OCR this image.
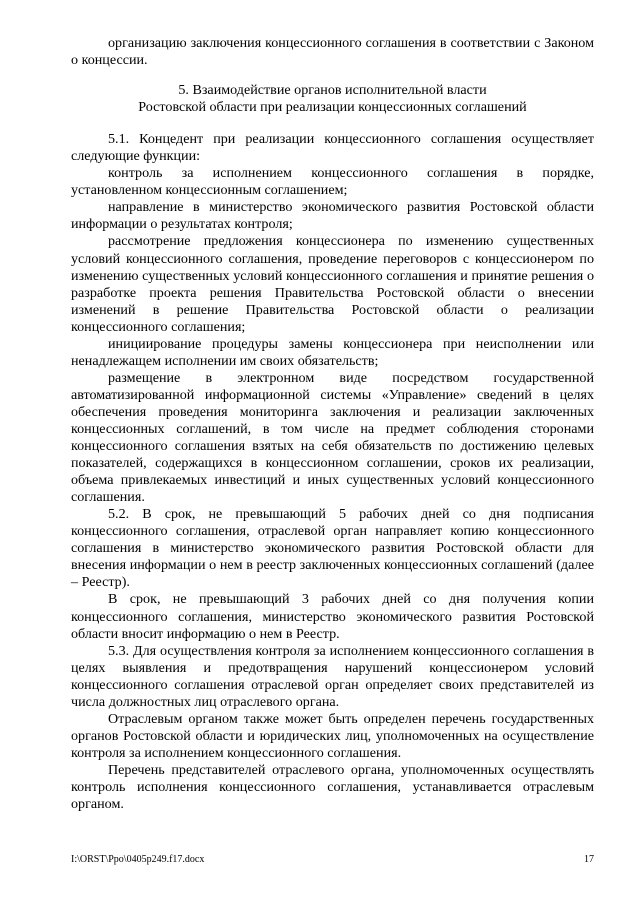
организацию заключения концессионного соглашения в соответствии с Законом о концессии.

5. Взаимодействие органов исполнительной власти

Ростовской области при реализации концессионных соглашений

5.1. Концедент при реализации концессионного соглашения осуществляет следующие функции:

контроль за исполнением концессионного соглашения в порядке, установленном концессионным соглашением;

направление в министерство экономического развития Ростовской области информации о результатах контроля;

рассмотрение предложения концессионера по изменению существенных условий концессионного соглашения, проведение переговоров с концессионером по изменению существенных условий концессионного соглашения и принятие решения о разработке проекта решения Правительства Ростовской области о внесении изменений в решение Правительства Ростовской области о реализации концессионного соглашения;

инициирование процедуры замены концессионера при неисполнении или ненадлежащем исполнении им своих обязательств;

размещение в электронном виде посредством государственной автоматизированной информационной системы «Управление» сведений в целях обеспечения проведения мониторинга заключения и реализации заключенных концессионных соглашений, в том числе на предмет соблюдения сторонами концессионного соглашения взятых на себя обязательств по достижению целевых показателей, содержащихся в концессионном соглашении, сроков их реализации, объема привлекаемых инвестиций и иных существенных условий концессионного соглашения.

5.2. В срок, не превышающий 5 рабочих дней со дня подписания концессионного соглашения, отраслевой орган направляет копию концессионного соглашения в министерство экономического развития Ростовской области для внесения информации о нем в реестр заключенных концессионных соглашений (далее – Реестр).

В срок, не превышающий 3 рабочих дней со дня получения копии концессионного соглашения, министерство экономического развития Ростовской области вносит информацию о нем в Реестр.

5.3. Для осуществления контроля за исполнением концессионного соглашения в целях выявления и предотвращения нарушений концессионером условий концессионного соглашения отраслевой орган определяет своих представителей из числа должностных лиц отраслевого органа.

Отраслевым органом также может быть определен перечень государственных органов Ростовской области и юридических лиц, уполномоченных на осуществление контроля за исполнением концессионного соглашения.

Перечень представителей отраслевого органа, уполномоченных осуществлять контроль исполнения концессионного соглашения, устанавливается отраслевым органом.

I:\ORST\Ppo\0405p249.f17.docx	17
